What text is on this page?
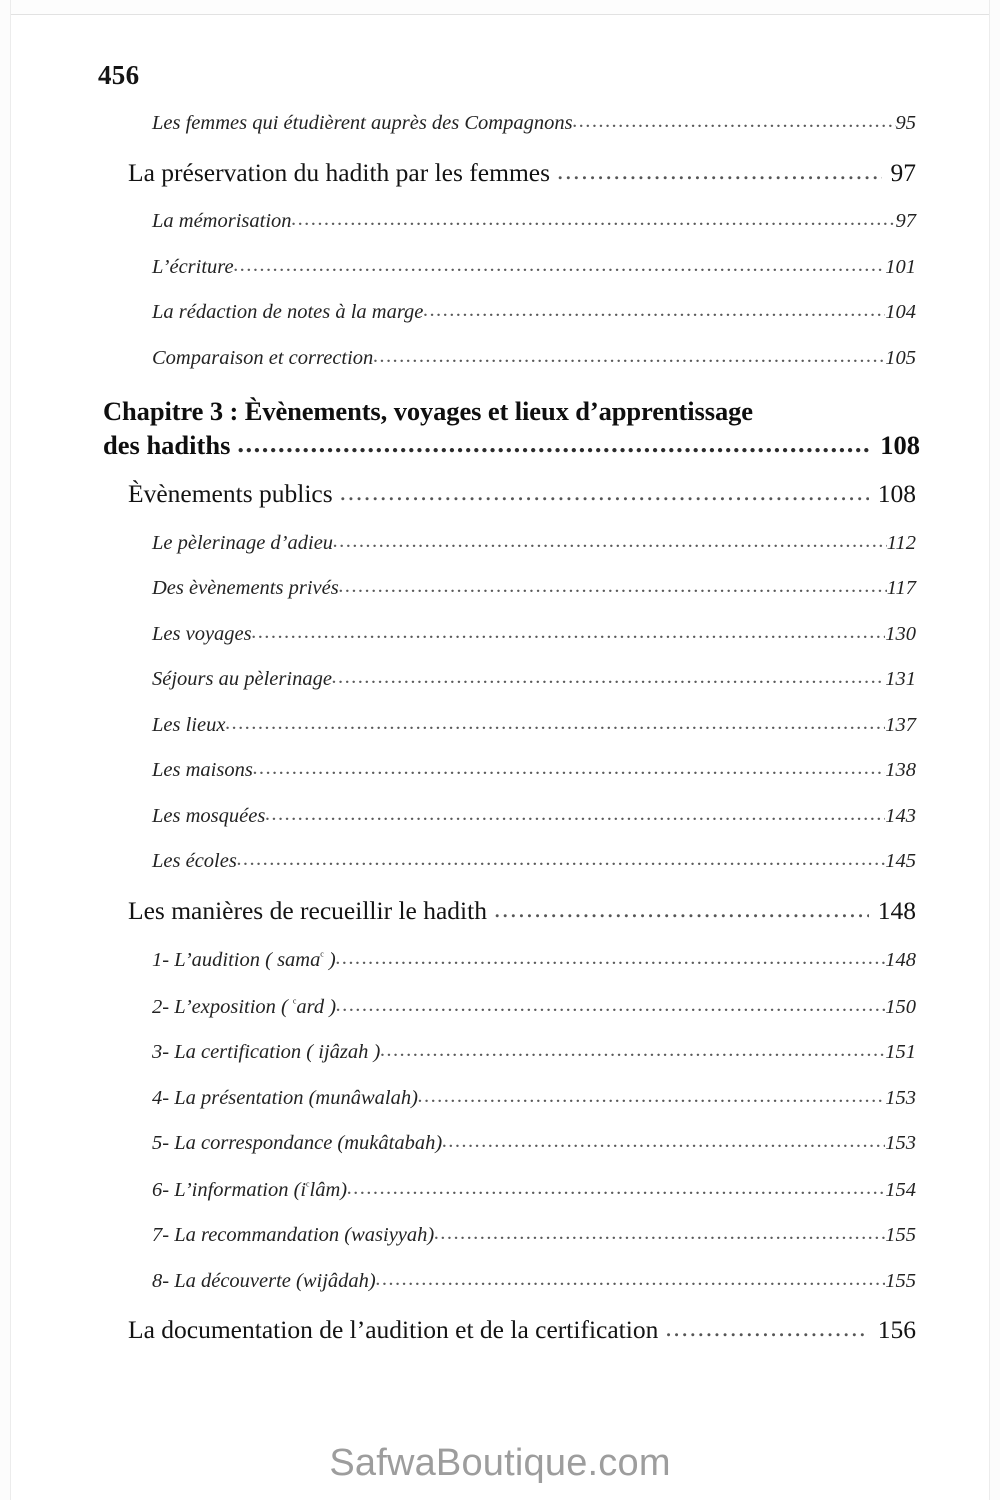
456
Les femmes qui étudièrent auprès des Compagnons .....	95
La préservation du hadith par les femmes .....	97
La mémorisation .....	97
L’écriture .....	101
La rédaction de notes à la marge .....	104
Comparaison et correction .....	105
Chapitre 3 : Èvènements, voyages et lieux d’apprentissage
des hadiths .....	108
Èvènements publics .....	108
Le pèlerinage d’adieu .....	112
Des èvènements privés .....	117
Les voyages .....	130
Séjours au pèlerinage .....	131
Les lieux .....	137
Les maisons .....	138
Les mosquées .....	143
Les écoles .....	145
Les manières de recueillir le hadith .....	148
1- L’audition ( sama$^ᶜ$ ) .....	148
2- L’exposition ( $^ᶜ$ard ) .....	150
3- La certification ( ijâzah ) .....	151
4- La présentation (munâwalah) .....	153
5- La correspondance (mukâtabah) .....	153
6- L’information $(i^ᶜlâm)$ .....	154
7- La recommandation (wasiyyah) .....	155
8- La découverte (wijâdah) .....	155
La documentation de l’audition et de la certification .....	156
SafwaBoutique.com
